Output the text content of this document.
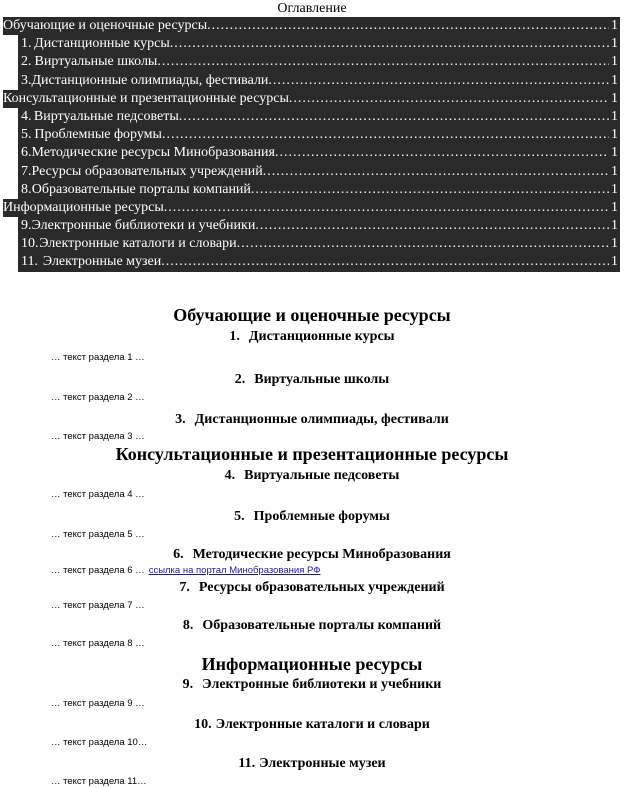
Оглавление
Обучающие и оценочные ресурсы .....	1
1. Дистанционные курсы .....	1
2. Виртуальные школы .....	1
3. Дистанционные олимпиады, фестивали .....	1
Консультационные и презентационные ресурсы .....	1
4. Виртуальные педсоветы .....	1
5. Проблемные форумы .....	1
6. Методические ресурсы Минобразования .....	1
7. Ресурсы образовательных учреждений .....	1
8. Образовательные порталы компаний .....	1
Информационные ресурсы .....	1
9. Электронные библиотеки и учебники .....	1
10. Электронные каталоги и словари .....	1
11. Электронные музеи .....	1
Обучающие и оценочные ресурсы
1. Дистанционные курсы
… текст раздела 1 …
2. Виртуальные школы
… текст раздела 2 …
3. Дистанционные олимпиады, фестивали
… текст раздела 3 …
Консультационные и презентационные ресурсы
4. Виртуальные педсоветы
… текст раздела 4 …
5. Проблемные форумы
… текст раздела 5 …
6. Методические ресурсы Минобразования
… текст раздела 6 … ссылка на портал Минобразования РФ
7. Ресурсы образовательных учреждений
… текст раздела 7 …
8. Образовательные порталы компаний
… текст раздела 8 …
Информационные ресурсы
9. Электронные библиотеки и учебники
… текст раздела 9 …
10. Электронные каталоги и словари
… текст раздела 10…
11. Электронные музеи
… текст раздела 11…
